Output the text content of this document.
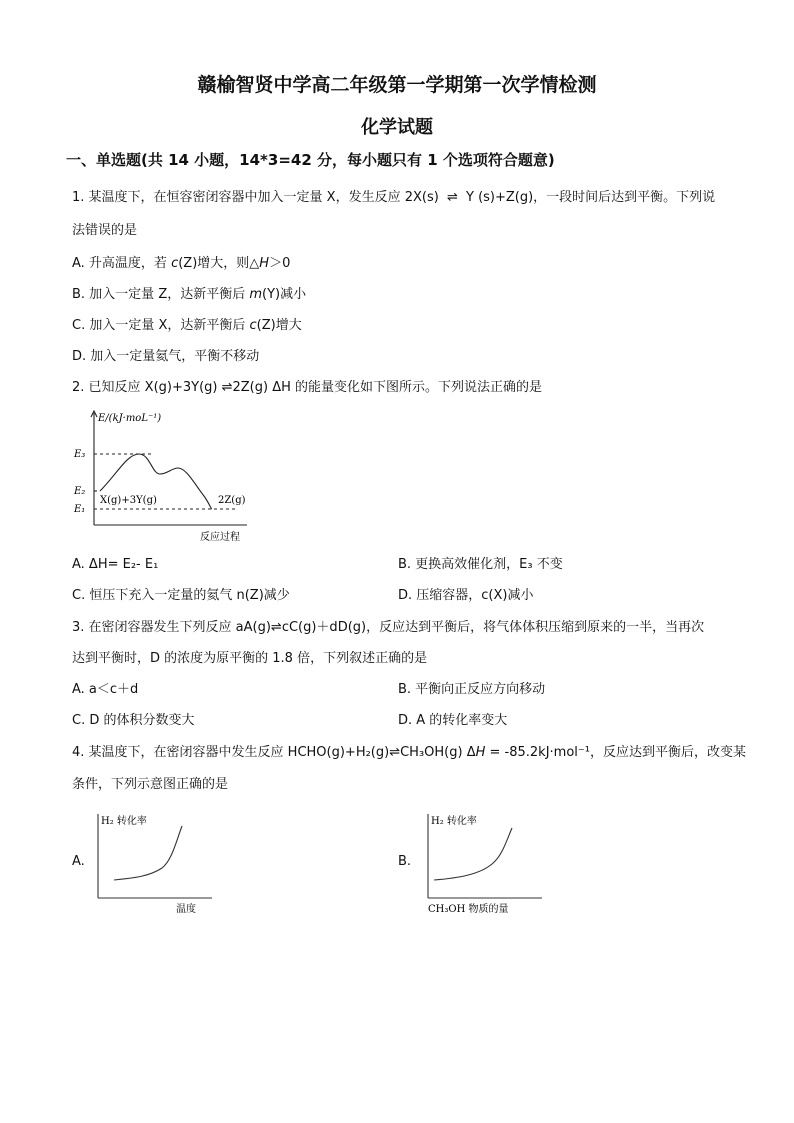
赣榆智贤中学高二年级第一学期第一次学情检测
化学试题
一、单选题(共 14 小题，14*3=42 分，每小题只有 1 个选项符合题意)
1. 某温度下，在恒容密闭容器中加入一定量 X，发生反应 2X(s) ⇌ Y (s)+Z(g)，一段时间后达到平衡。下列说
法错误的是
A. 升高温度，若 c(Z)增大，则△H＞0
B. 加入一定量 Z，达新平衡后 m(Y)减小
C. 加入一定量 X，达新平衡后 c(Z)增大
D. 加入一定量氦气，平衡不移动
2. 已知反应 X(g)+3Y(g) ⇌2Z(g) ΔH 的能量变化如下图所示。下列说法正确的是
E/(kJ·moL⁻¹)
E₃
E₂
E₁
X(g)+3Y(g)	2Z(g)
反应过程
A. ΔH= E₂- E₁	B. 更换高效催化剂，E₃ 不变
C. 恒压下充入一定量的氦气 n(Z)减少	D. 压缩容器，c(X)减小
3. 在密闭容器发生下列反应 aA(g)⇌cC(g)＋dD(g)，反应达到平衡后，将气体体积压缩到原来的一半，当再次
达到平衡时，D 的浓度为原平衡的 1.8 倍，下列叙述正确的是
A. a＜c＋d	B. 平衡向正反应方向移动
C. D 的体积分数变大	D. A 的转化率变大
4. 某温度下，在密闭容器中发生反应 HCHO(g)+H₂(g)⇌CH₃OH(g) ΔH = -85.2kJ·mol⁻¹，反应达到平衡后，改变某
条件，下列示意图正确的是
A.
H₂ 转化率
温度
B.
H₂ 转化率
CH₃OH 物质的量
